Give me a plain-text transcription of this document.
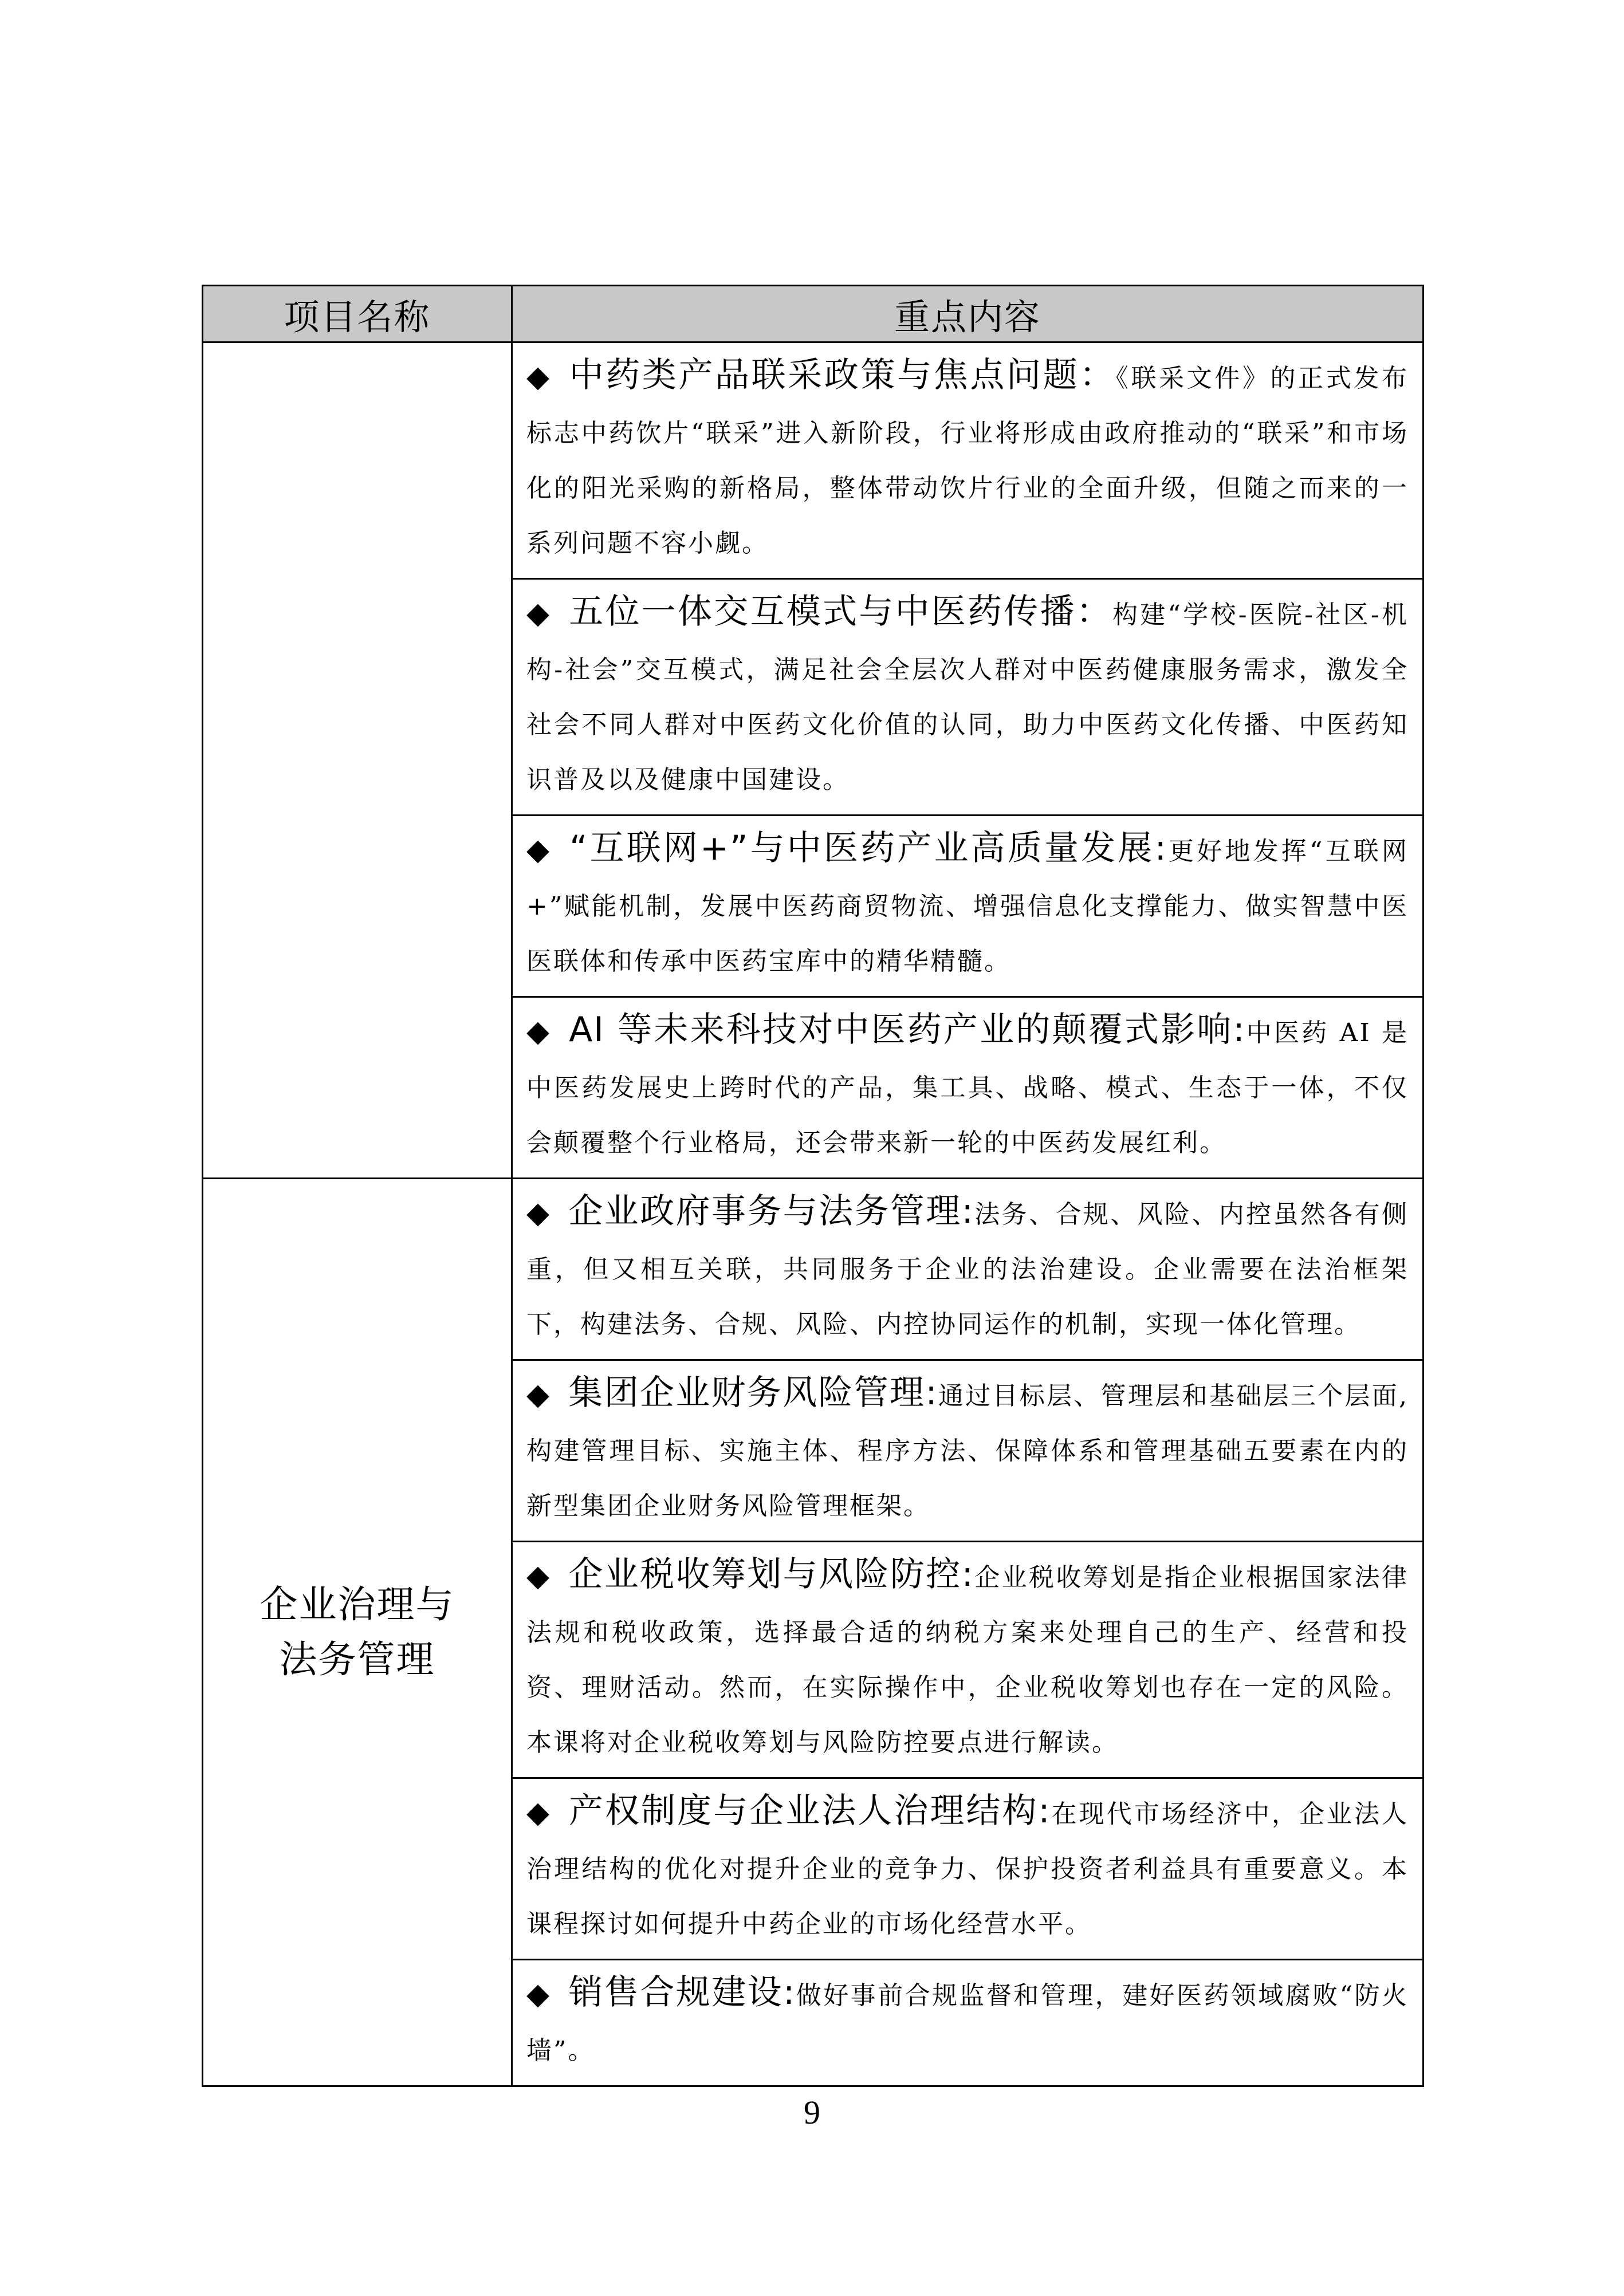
项目名称	重点内容

	◆ 中药类产品联采政策与焦点问题：《联采文件》的正式发布标志中药饮片“联采”进入新阶段，行业将形成由政府推动的“联采”和市场化的阳光采购的新格局，整体带动饮片行业的全面升级，但随之而来的一系列问题不容小觑。

	◆ 五位一体交互模式与中医药传播：构建“学校-医院-社区-机构-社会”交互模式，满足社会全层次人群对中医药健康服务需求，激发全社会不同人群对中医药文化价值的认同，助力中医药文化传播、中医药知识普及以及健康中国建设。

	◆ “互联网+”与中医药产业高质量发展:更好地发挥“互联网+”赋能机制，发展中医药商贸物流、增强信息化支撑能力、做实智慧中医医联体和传承中医药宝库中的精华精髓。

	◆ AI 等未来科技对中医药产业的颠覆式影响:中医药 AI 是中医药发展史上跨时代的产品，集工具、战略、模式、生态于一体，不仅会颠覆整个行业格局，还会带来新一轮的中医药发展红利。

企业治理与
法务管理	◆ 企业政府事务与法务管理:法务、合规、风险、内控虽然各有侧重，但又相互关联，共同服务于企业的法治建设。企业需要在法治框架下，构建法务、合规、风险、内控协同运作的机制，实现一体化管理。

	◆ 集团企业财务风险管理:通过目标层、管理层和基础层三个层面,构建管理目标、实施主体、程序方法、保障体系和管理基础五要素在内的新型集团企业财务风险管理框架。

	◆ 企业税收筹划与风险防控:企业税收筹划是指企业根据国家法律法规和税收政策，选择最合适的纳税方案来处理自己的生产、经营和投资、理财活动。然而，在实际操作中，企业税收筹划也存在一定的风险。本课将对企业税收筹划与风险防控要点进行解读。

	◆ 产权制度与企业法人治理结构:在现代市场经济中，企业法人治理结构的优化对提升企业的竞争力、保护投资者利益具有重要意义。本课程探讨如何提升中药企业的市场化经营水平。

	◆ 销售合规建设:做好事前合规监督和管理，建好医药领域腐败“防火墙”。
9
